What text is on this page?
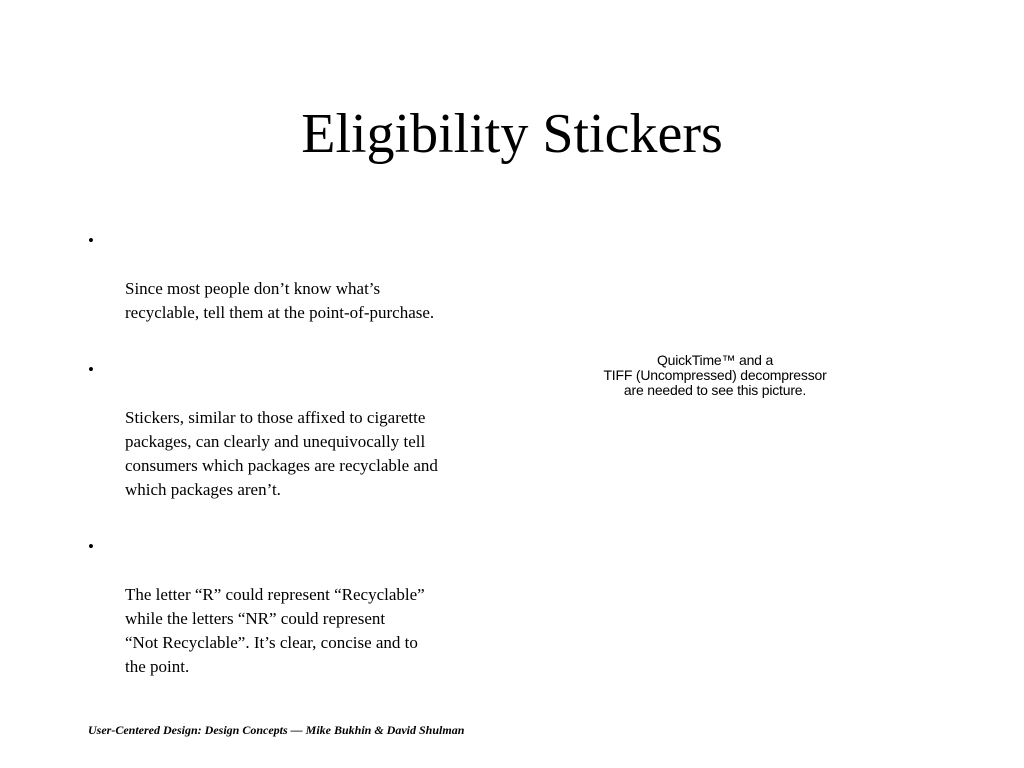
Eligibility Stickers

•

Since most people don’t know what’s
recyclable, tell them at the point-of-purchase.

•

Stickers, similar to those affixed to cigarette
packages, can clearly and unequivocally tell
consumers which packages are recyclable and
which packages aren’t.

•

The letter “R” could represent “Recyclable”
while the letters “NR” could represent
“Not Recyclable”. It’s clear, concise and to
the point.

QuickTime™ and a
TIFF (Uncompressed) decompressor
are needed to see this picture.
User-Centered Design: Design Concepts — Mike Bukhin & David Shulman
